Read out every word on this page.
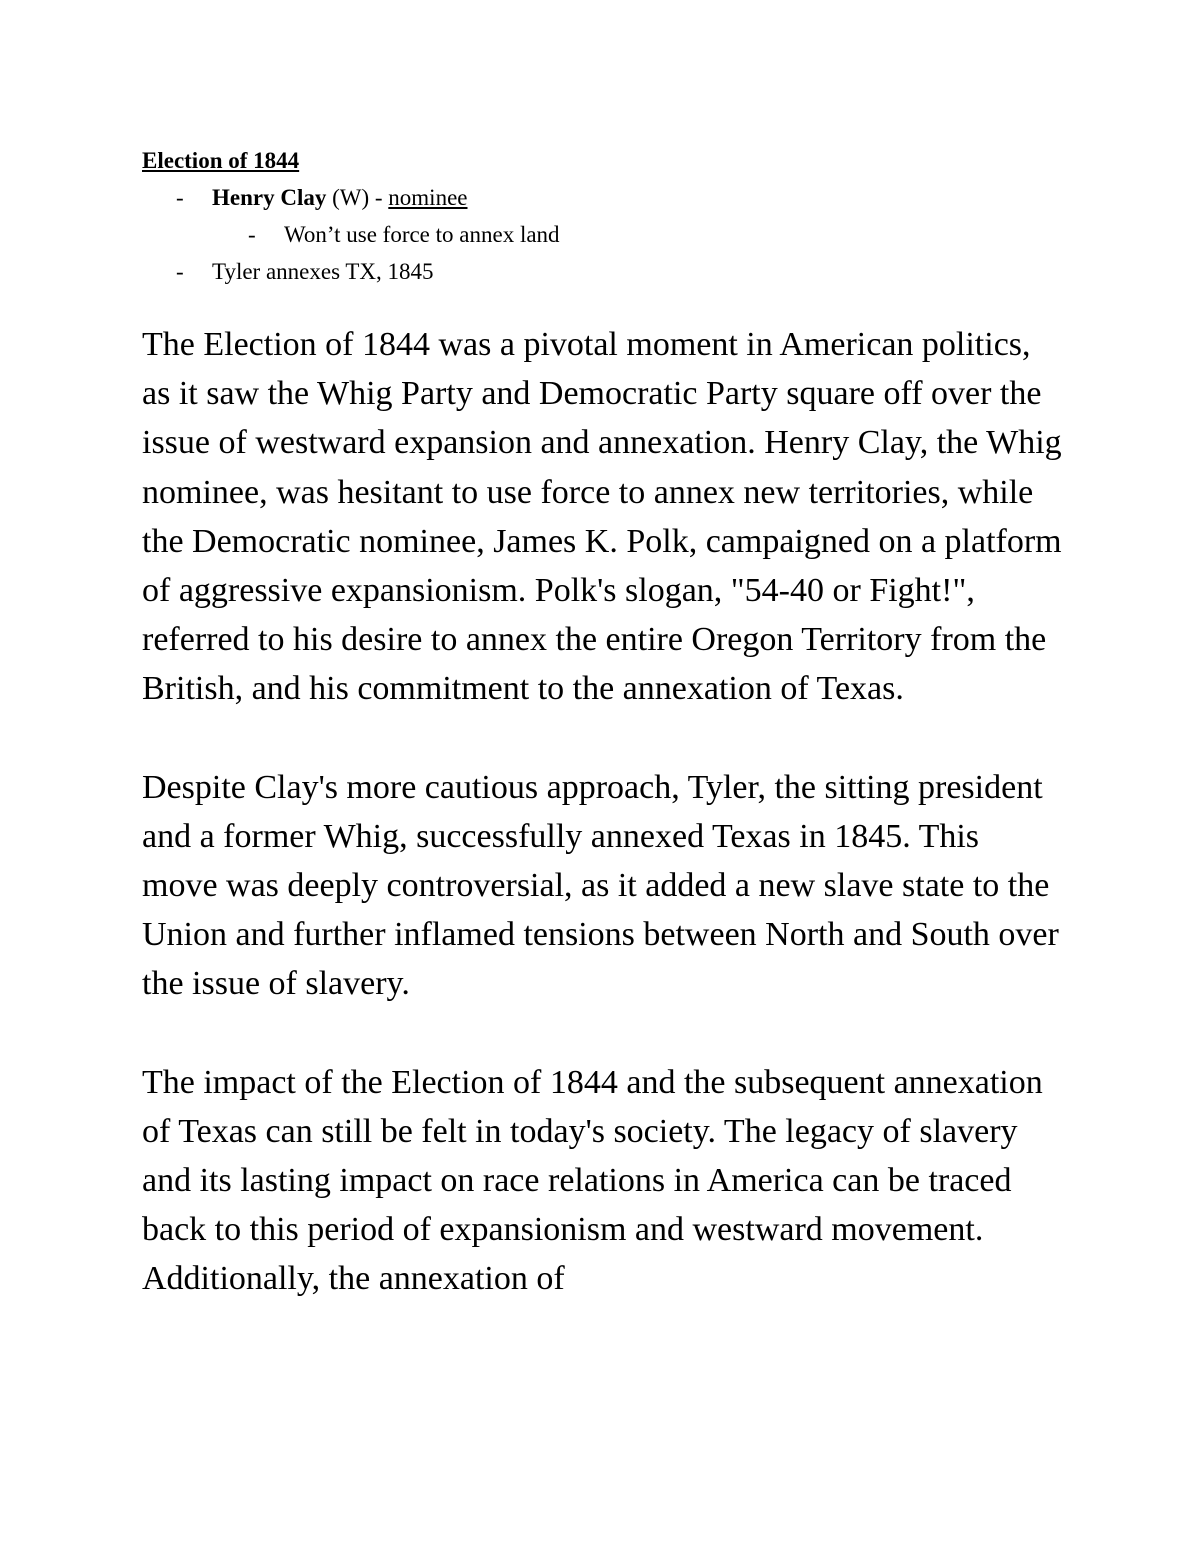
Election of 1844
- Henry Clay (W) - nominee
- Won’t use force to annex land
- Tyler annexes TX, 1845

The Election of 1844 was a pivotal moment in American politics, as it saw the Whig Party and Democratic Party square off over the issue of westward expansion and annexation. Henry Clay, the Whig nominee, was hesitant to use force to annex new territories, while the Democratic nominee, James K. Polk, campaigned on a platform of aggressive expansionism. Polk's slogan, "54-40 or Fight!", referred to his desire to annex the entire Oregon Territory from the British, and his commitment to the annexation of Texas.

Despite Clay's more cautious approach, Tyler, the sitting president and a former Whig, successfully annexed Texas in 1845. This move was deeply controversial, as it added a new slave state to the Union and further inflamed tensions between North and South over the issue of slavery.

The impact of the Election of 1844 and the subsequent annexation of Texas can still be felt in today's society. The legacy of slavery and its lasting impact on race relations in America can be traced back to this period of expansionism and westward movement. Additionally, the annexation of
